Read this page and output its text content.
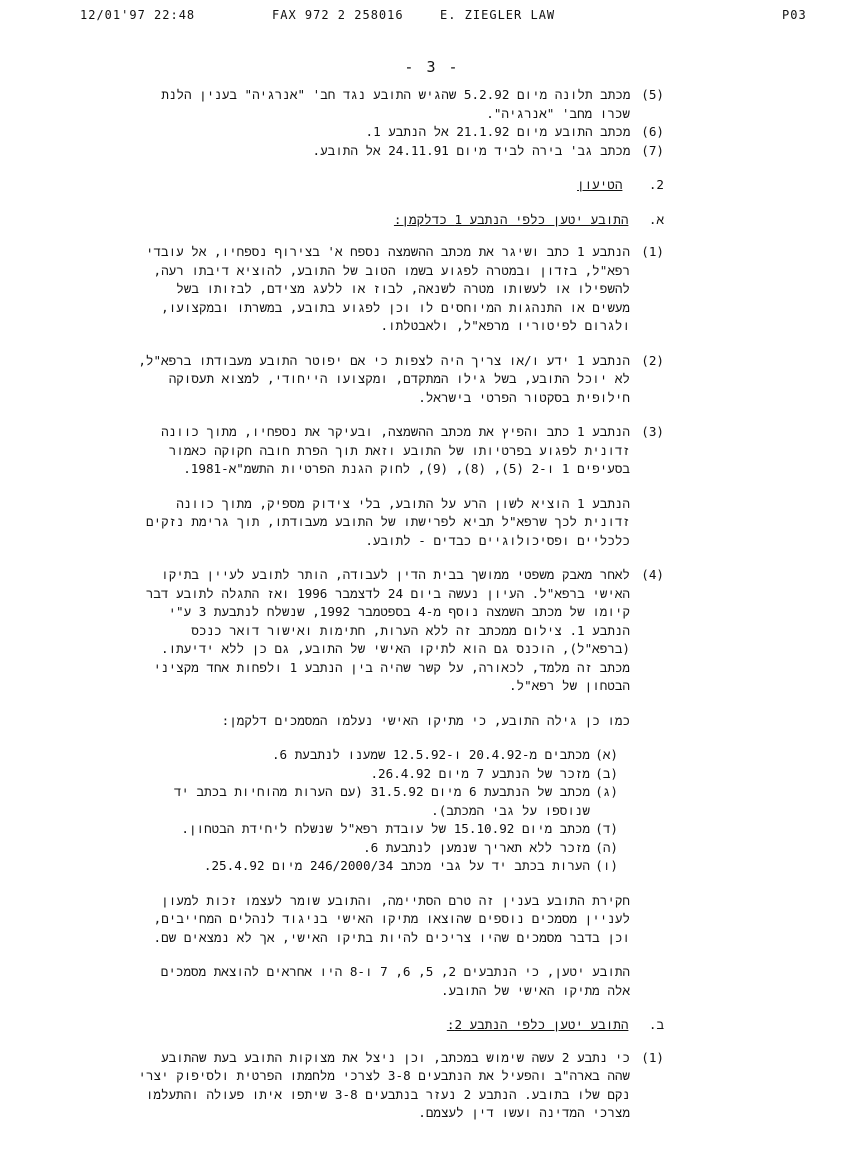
12/01'97 22:48	FAX 972 2 258016	E. ZIEGLER LAW	P03
- 3 -
(5) מכתב תלונה מיום 5.2.92 שהגיש התובע נגד חב' "אנרגיה" בענין הלנת
שכרו מחב' "אנרגיה".
(6) מכתב התובע מיום 21.1.92 אל הנתבע 1.
(7) מכתב גב' בירה לביד מיום 24.11.91 אל התובע.
2. הטיעון
א. התובע יטען כלפי הנתבע 1 כדלקמן:
(1)
הנתבע 1 כתב ושיגר את מכתב ההשמצה נספח א' בצירוף נספחיו, אל עובדי
רפא"ל, בזדון ובמטרה לפגוע בשמו הטוב של התובע, להוציא דיבתו רעה,
להשפילו או לעשותו מטרה לשנאה, לבוז או ללעג מצידם, לבזותו בשל
מעשים או התנהגות המיוחסים לו וכן לפגוע בתובע, במשרתו ובמקצועו,
ולגרום לפיטוריו מרפא"ל, ולאבטלתו.
(2)
הנתבע 1 ידע ו/או צריך היה לצפות כי אם יפוטר התובע מעבודתו ברפא"ל,
לא יוכל התובע, בשל גילו המתקדם, ומקצועו הייחודי, למצוא תעסוקה
חילופית בסקטור הפרטי בישראל.
(3)
הנתבע 1 כתב והפיץ את מכתב ההשמצה, ובעיקר את נספחיו, מתוך כוונה
זדונית לפגוע בפרטיותו של התובע וזאת תוך הפרת חובה חקוקה כאמור
בסעיפים 1 ו-2 (5), (8), (9), לחוק הגנת הפרטיות התשמ"א-1981.
הנתבע 1 הוציא לשון הרע על התובע, בלי צידוק מספיק, מתוך כוונה
זדונית לכך שרפא"ל תביא לפרישתו של התובע מעבודתו, תוך גרימת נזקים
כלכליים ופסיכולוגיים כבדים - לתובע.
(4)
לאחר מאבק משפטי ממושך בבית הדין לעבודה, הותר לתובע לעיין בתיקו
האישי ברפא"ל. העיון נעשה ביום 24 לדצמבר 1996 ואז התגלה לתובע דבר
קיומו של מכתב השמצה נוסף מ-4 בספטמבר 1992, שנשלח לנתבעת 3 ע"י
הנתבע 1. צילום ממכתב זה ללא הערות, חתימות ואישור דואר כנכס
(ברפא"ל), הוכנס גם הוא לתיקו האישי של התובע, גם כן ללא ידיעתו.
מכתב זה מלמד, לכאורה, על קשר שהיה בין הנתבע 1 ולפחות אחד מקציני
הבטחון של רפא"ל.
כמו כן גילה התובע, כי מתיקו האישי נעלמו המסמכים דלקמן:
(א)
מכתבים מ-20.4.92 ו-12.5.92 שמענו לנתבעת 6.
(ב)
מזכר של הנתבע 7 מיום 26.4.92.
(ג)
מכתב של הנתבעת 6 מיום 31.5.92 (עם הערות מהוחיות בכתב יד
שנוספו על גבי המכתב).
(ד)
מכתב מיום 15.10.92 של עובדת רפא"ל שנשלח ליחידת הבטחון.
(ה)
מזכר ללא תאריך שנמען לנתבעת 6.
(ו)
הערות בכתב יד על גבי מכתב 246/2000/34 מיום 25.4.92.
חקירת התובע בענין זה טרם הסתיימה, והתובע שומר לעצמו זכות למעון
לעניין מסמכים נוספים שהוצאו מתיקו האישי בניגוד לנהלים המחייבים,
וכן בדבר מסמכים שהיו צריכים להיות בתיקו האישי, אך לא נמצאים שם.
התובע יטען, כי הנתבעים 2, 5, 6, 7 ו-8 היו אחראים להוצאת מסמכים
אלה מתיקו האישי של התובע.
ב. התובע יטען כלפי הנתבע 2:
(1)
כי נתבע 2 עשה שימוש במכתב, וכן ניצל את מצוקות התובע בעת שהתובע
שהה בארה"ב והפעיל את הנתבעים 3-8 לצרכי מלחמתו הפרטית ולסיפוק יצרי
נקם שלו בתובע. הנתבע 2 נעזר בנתבעים 3-8 שיתפו איתו פעולה והתעלמו
מצרכי המדינה ועשו דין לעצמם.
